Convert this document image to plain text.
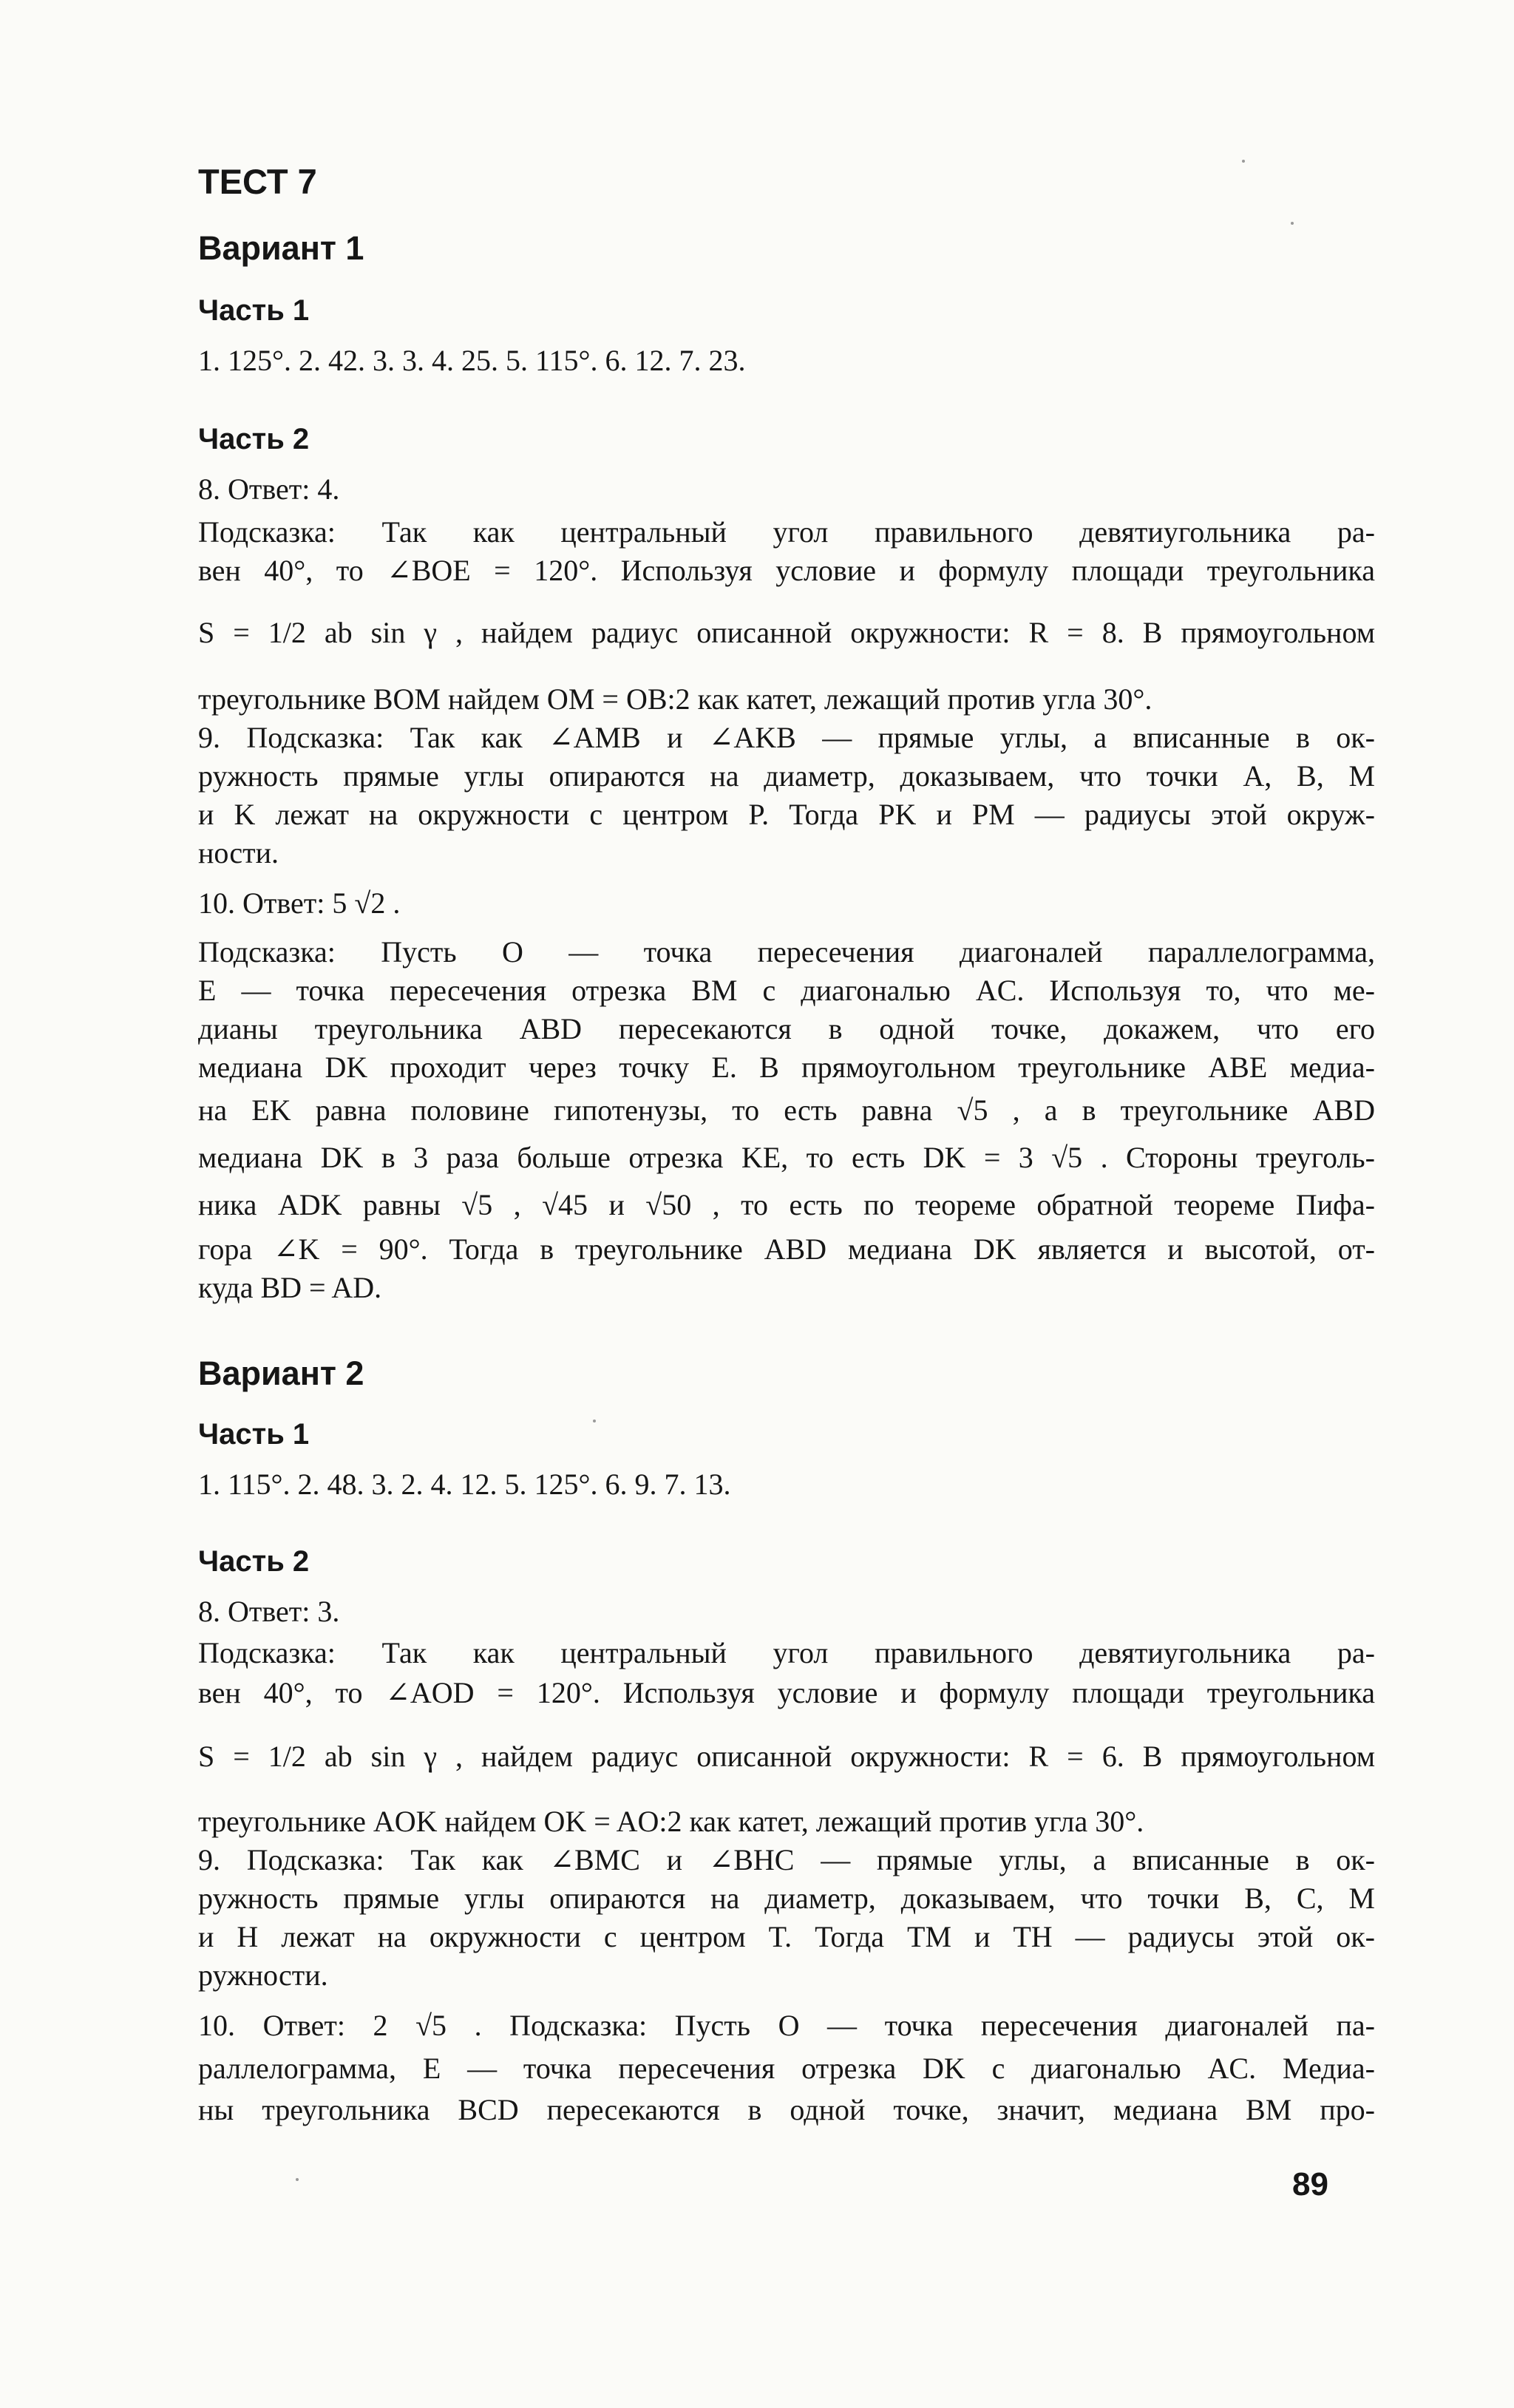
ТЕСТ 7
Вариант 1
Часть 1
1. 125°. 2. 42. 3. 3. 4. 25. 5. 115°. 6. 12. 7. 23.
Часть 2
8. Ответ: 4.
Подсказка: Так как центральный угол правильного девятиугольника ра-
вен 40°, то ∠BOE = 120°. Используя условие и формулу площади треугольника
S = 1/2 ab sin γ , найдем радиус описанной окружности: R = 8. В прямоугольном
треугольнике BOM найдем OM = OB:2 как катет, лежащий против угла 30°.
9. Подсказка: Так как ∠AMB и ∠AKB — прямые углы, а вписанные в ок-
ружность прямые углы опираются на диаметр, доказываем, что точки A, B, M
и K лежат на окружности с центром P. Тогда PK и PM — радиусы этой окруж-
ности.
10. Ответ: 5 √2 .
Подсказка: Пусть O — точка пересечения диагоналей параллелограмма,
E — точка пересечения отрезка BM с диагональю AC. Используя то, что ме-
дианы треугольника ABD пересекаются в одной точке, докажем, что его
медиана DK проходит через точку E. В прямоугольном треугольнике ABE медиа-
на EK равна половине гипотенузы, то есть равна √5 , а в треугольнике ABD
медиана DK в 3 раза больше отрезка KE, то есть DK = 3 √5 . Стороны треуголь-
ника ADK равны √5 , √45 и √50 , то есть по теореме обратной теореме Пифа-
гора ∠K = 90°. Тогда в треугольнике ABD медиана DK является и высотой, от-
куда BD = AD.
Вариант 2
Часть 1
1. 115°. 2. 48. 3. 2. 4. 12. 5. 125°. 6. 9. 7. 13.
Часть 2
8. Ответ: 3.
Подсказка: Так как центральный угол правильного девятиугольника ра-
вен 40°, то ∠AOD = 120°. Используя условие и формулу площади треугольника
S = 1/2 ab sin γ , найдем радиус описанной окружности: R = 6. В прямоугольном
треугольнике AOK найдем OK = AO:2 как катет, лежащий против угла 30°.
9. Подсказка: Так как ∠BMC и ∠BHC — прямые углы, а вписанные в ок-
ружность прямые углы опираются на диаметр, доказываем, что точки B, C, M
и H лежат на окружности с центром T. Тогда TM и TH — радиусы этой ок-
ружности.
10. Ответ: 2 √5 . Подсказка: Пусть O — точка пересечения диагоналей па-
раллелограмма, E — точка пересечения отрезка DK с диагональю AC. Медиа-
ны треугольника BCD пересекаются в одной точке, значит, медиана BM про-
89
